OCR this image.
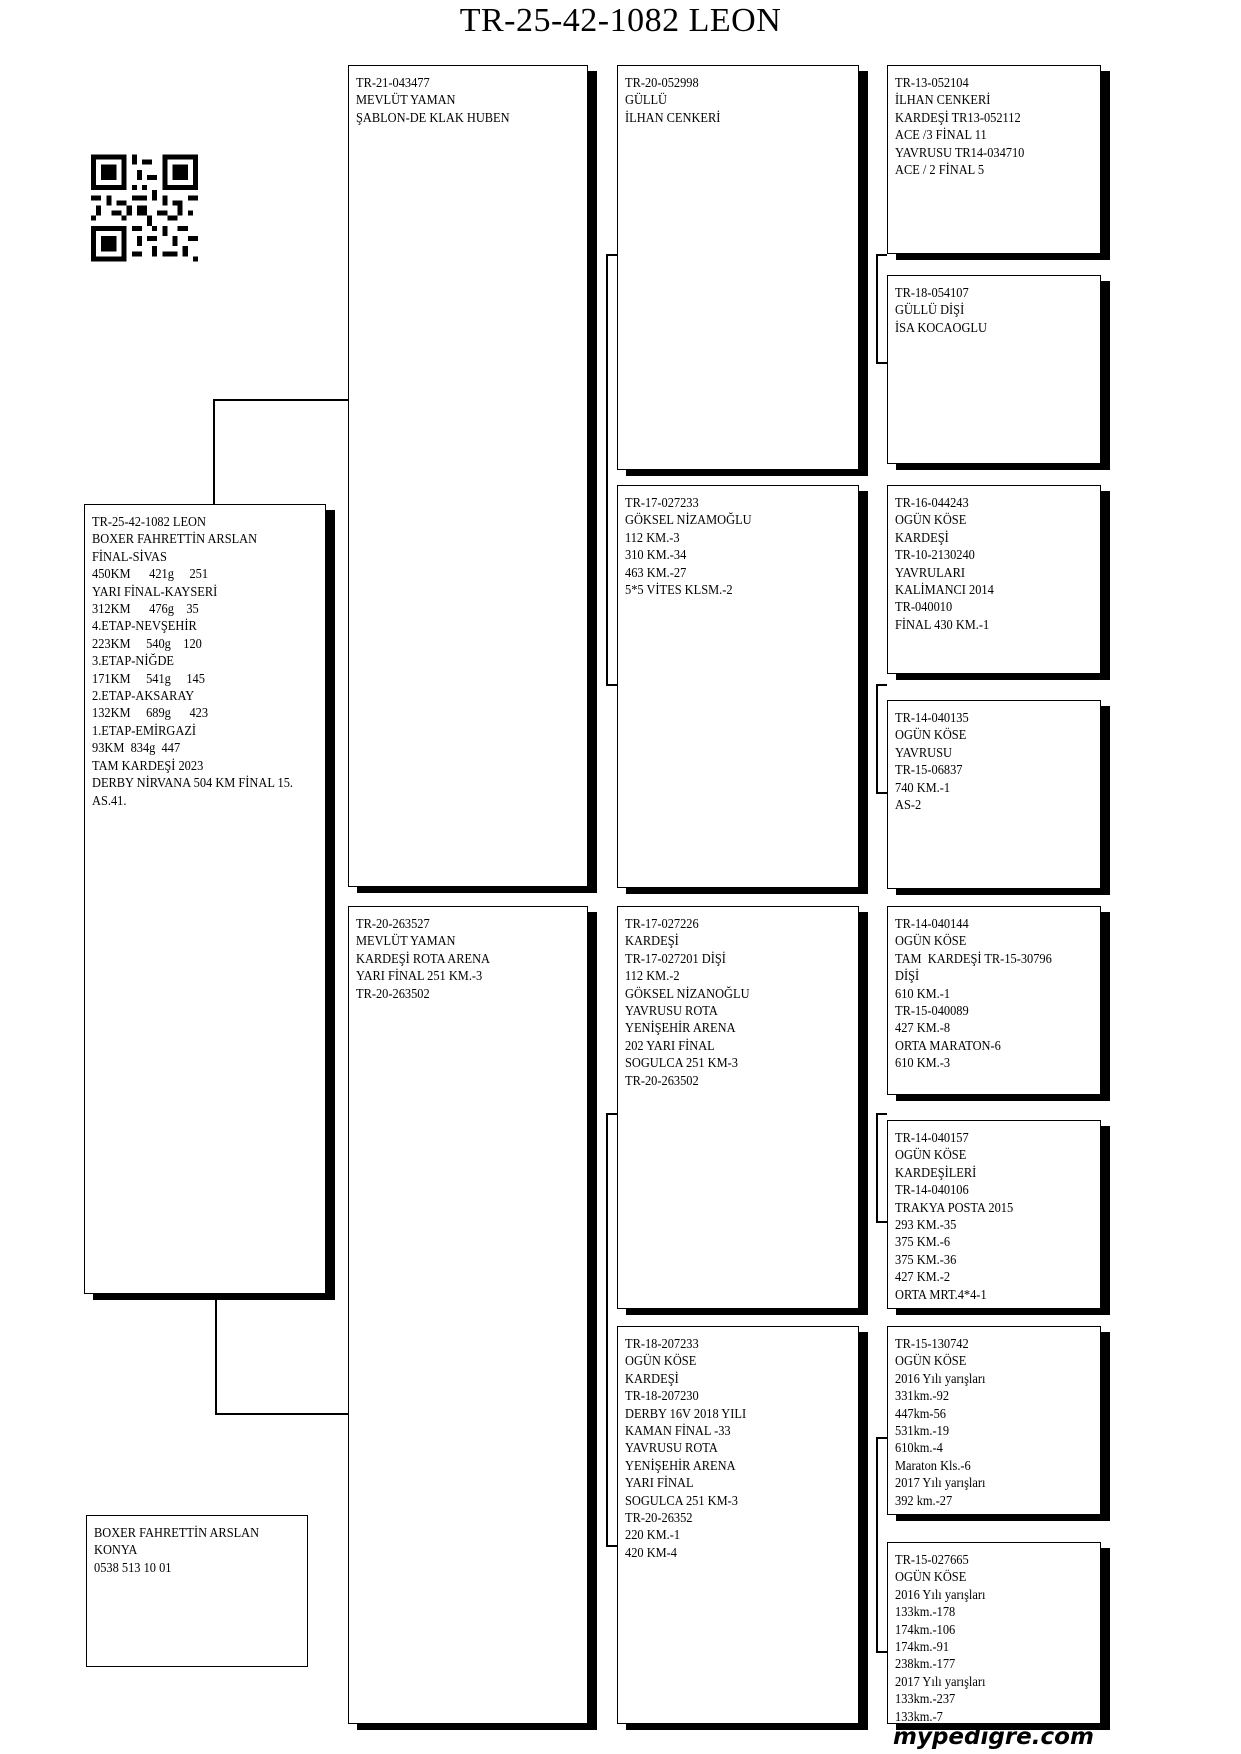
TR-25-42-1082 LEON
TR-25-42-1082 LEON
BOXER FAHRETTİN ARSLAN
FİNAL-SİVAS
450KM      421g     251
YARI FİNAL-KAYSERİ
312KM      476g    35
4.ETAP-NEVŞEHİR
223KM     540g    120
3.ETAP-NİĞDE
171KM     541g     145
2.ETAP-AKSARAY
132KM     689g      423
1.ETAP-EMİRGAZİ
93KM  834g  447
TAM KARDEŞİ 2023
DERBY NİRVANA 504 KM FİNAL 15.
AS.41.
BOXER FAHRETTİN ARSLAN
KONYA
0538 513 10 01
TR-21-043477
MEVLÜT YAMAN
ŞABLON-DE KLAK HUBEN
TR-20-263527
MEVLÜT YAMAN
KARDEŞİ ROTA ARENA
YARI FİNAL 251 KM.-3
TR-20-263502
TR-20-052998
GÜLLÜ
İLHAN CENKERİ
TR-17-027233
GÖKSEL NİZAMOĞLU
112 KM.-3
310 KM.-34
463 KM.-27
5*5 VİTES KLSM.-2
TR-17-027226
KARDEŞİ
TR-17-027201 DİŞİ
112 KM.-2
GÖKSEL NİZANOĞLU
YAVRUSU ROTA
YENİŞEHİR ARENA
202 YARI FİNAL
SOGULCA 251 KM-3
TR-20-263502
TR-18-207233
OGÜN KÖSE
KARDEŞİ
TR-18-207230
DERBY 16V 2018 YILI
KAMAN FİNAL -33
YAVRUSU ROTA
YENİŞEHİR ARENA
YARI FİNAL
SOGULCA 251 KM-3
TR-20-26352
220 KM.-1
420 KM-4
TR-13-052104
İLHAN CENKERİ
KARDEŞİ TR13-052112
ACE /3 FİNAL 11
YAVRUSU TR14-034710
ACE / 2 FİNAL 5
TR-18-054107
GÜLLÜ DİŞİ
İSA KOCAOGLU
TR-16-044243
OGÜN KÖSE
KARDEŞİ
TR-10-2130240
YAVRULARI
KALİMANCI 2014
TR-040010
FİNAL 430 KM.-1
TR-14-040135
OGÜN KÖSE
YAVRUSU
TR-15-06837
740 KM.-1
AS-2
TR-14-040144
OGÜN KÖSE
TAM  KARDEŞİ TR-15-30796
DİŞİ
610 KM.-1
TR-15-040089
427 KM.-8
ORTA MARATON-6
610 KM.-3
TR-14-040157
OGÜN KÖSE
KARDEŞİLERİ
TR-14-040106
TRAKYA POSTA 2015
293 KM.-35
375 KM.-6
375 KM.-36
427 KM.-2
ORTA MRT.4*4-1
TR-15-130742
OGÜN KÖSE
2016 Yılı yarışları
331km.-92
447km-56
531km.-19
610km.-4
Maraton Kls.-6
2017 Yılı yarışları
392 km.-27
TR-15-027665
OGÜN KÖSE
2016 Yılı yarışları
133km.-178
174km.-106
174km.-91
238km.-177
2017 Yılı yarışları
133km.-237
133km.-7
mypedigre.com
